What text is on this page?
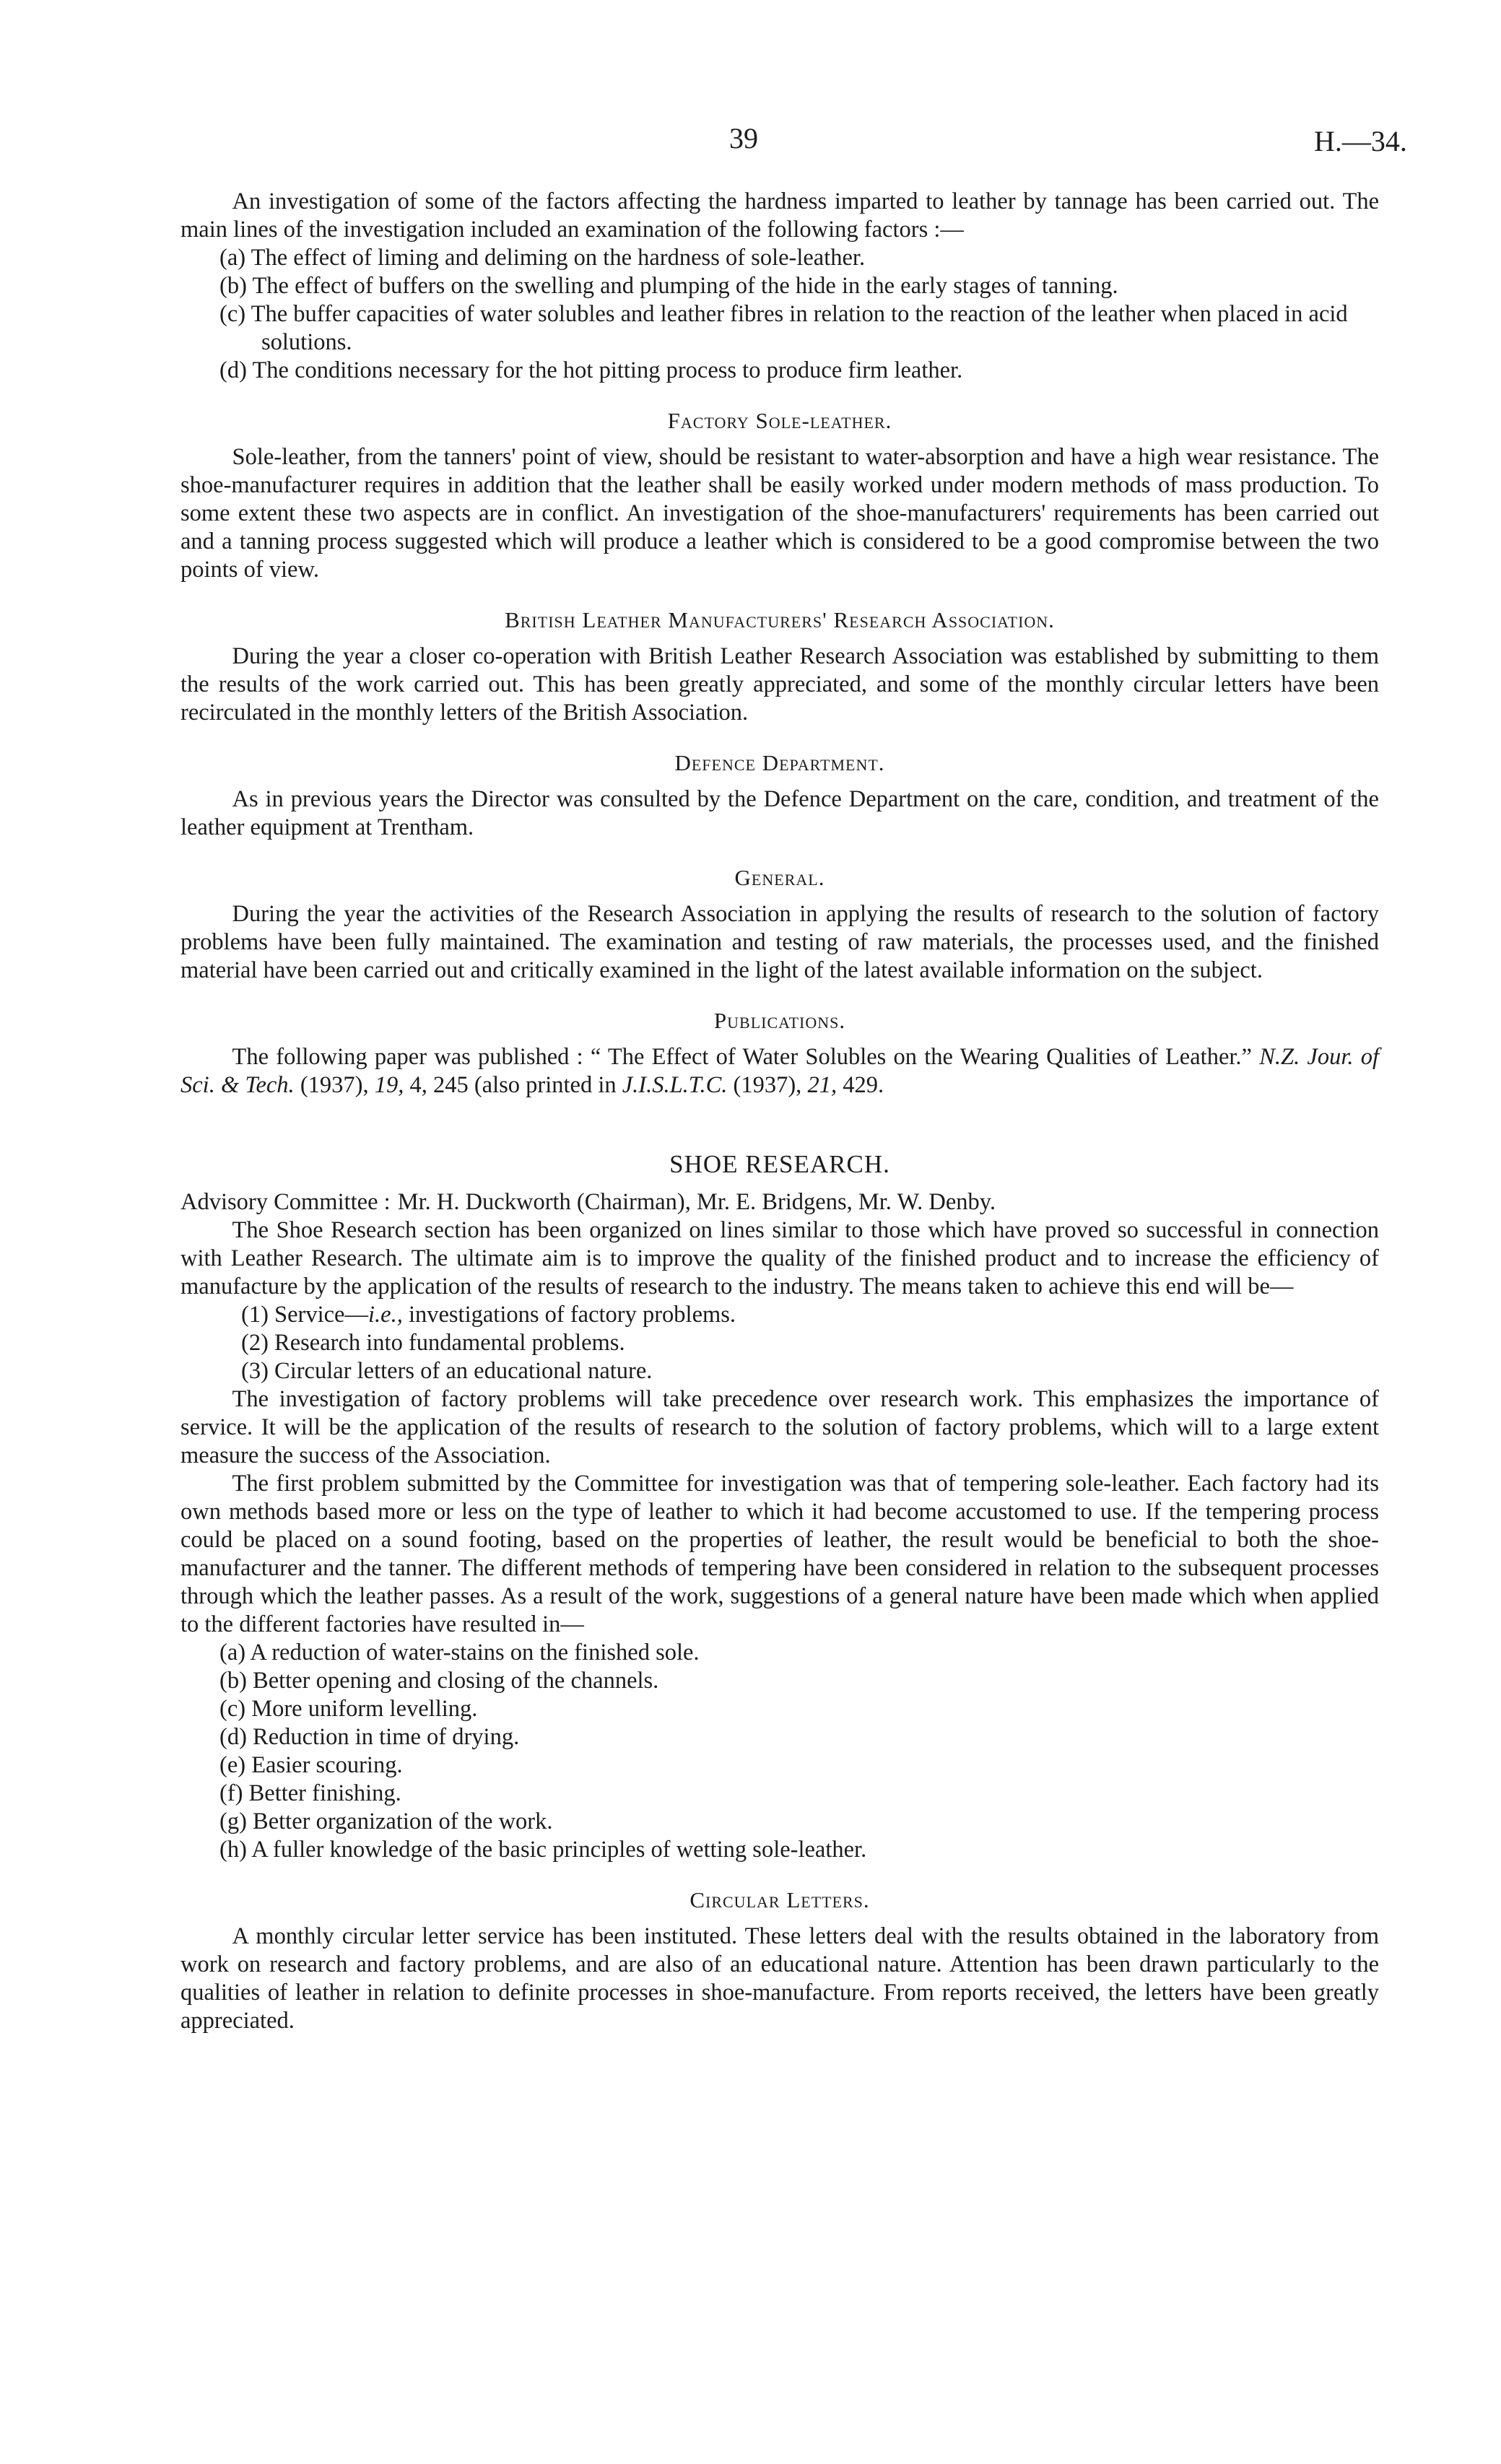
39	H.—34.

An investigation of some of the factors affecting the hardness imparted to leather by tannage has been carried out. The main lines of the investigation included an examination of the following factors :—

(a) The effect of liming and deliming on the hardness of sole-leather.
(b) The effect of buffers on the swelling and plumping of the hide in the early stages of tanning.
(c) The buffer capacities of water solubles and leather fibres in relation to the reaction of the leather when placed in acid solutions.
(d) The conditions necessary for the hot pitting process to produce firm leather.
Factory Sole-leather.

Sole-leather, from the tanners' point of view, should be resistant to water-absorption and have a high wear resistance. The shoe-manufacturer requires in addition that the leather shall be easily worked under modern methods of mass production. To some extent these two aspects are in conflict. An investigation of the shoe-manufacturers' requirements has been carried out and a tanning process suggested which will produce a leather which is considered to be a good compromise between the two points of view.

British Leather Manufacturers' Research Association.

During the year a closer co-operation with British Leather Research Association was established by submitting to them the results of the work carried out. This has been greatly appreciated, and some of the monthly circular letters have been recirculated in the monthly letters of the British Association.

Defence Department.

As in previous years the Director was consulted by the Defence Department on the care, condition, and treatment of the leather equipment at Trentham.

General.

During the year the activities of the Research Association in applying the results of research to the solution of factory problems have been fully maintained. The examination and testing of raw materials, the processes used, and the finished material have been carried out and critically examined in the light of the latest available information on the subject.

Publications.

The following paper was published : “ The Effect of Water Solubles on the Wearing Qualities of Leather.” N.Z. Jour. of Sci. & Tech. (1937), 19, 4, 245 (also printed in J.I.S.L.T.C. (1937), 21, 429.

SHOE RESEARCH.

Advisory Committee : Mr. H. Duckworth (Chairman), Mr. E. Bridgens, Mr. W. Denby.

The Shoe Research section has been organized on lines similar to those which have proved so successful in connection with Leather Research. The ultimate aim is to improve the quality of the finished product and to increase the efficiency of manufacture by the application of the results of research to the industry. The means taken to achieve this end will be—

(1) Service—i.e., investigations of factory problems.
(2) Research into fundamental problems.
(3) Circular letters of an educational nature.

The investigation of factory problems will take precedence over research work. This emphasizes the importance of service. It will be the application of the results of research to the solution of factory problems, which will to a large extent measure the success of the Association.

The first problem submitted by the Committee for investigation was that of tempering sole-leather. Each factory had its own methods based more or less on the type of leather to which it had become accustomed to use. If the tempering process could be placed on a sound footing, based on the properties of leather, the result would be beneficial to both the shoe-manufacturer and the tanner. The different methods of tempering have been considered in relation to the subsequent processes through which the leather passes. As a result of the work, suggestions of a general nature have been made which when applied to the different factories have resulted in—

(a) A reduction of water-stains on the finished sole.
(b) Better opening and closing of the channels.
(c) More uniform levelling.
(d) Reduction in time of drying.
(e) Easier scouring.
(f) Better finishing.
(g) Better organization of the work.
(h) A fuller knowledge of the basic principles of wetting sole-leather.
Circular Letters.

A monthly circular letter service has been instituted. These letters deal with the results obtained in the laboratory from work on research and factory problems, and are also of an educational nature. Attention has been drawn particularly to the qualities of leather in relation to definite processes in shoe-manufacture. From reports received, the letters have been greatly appreciated.
